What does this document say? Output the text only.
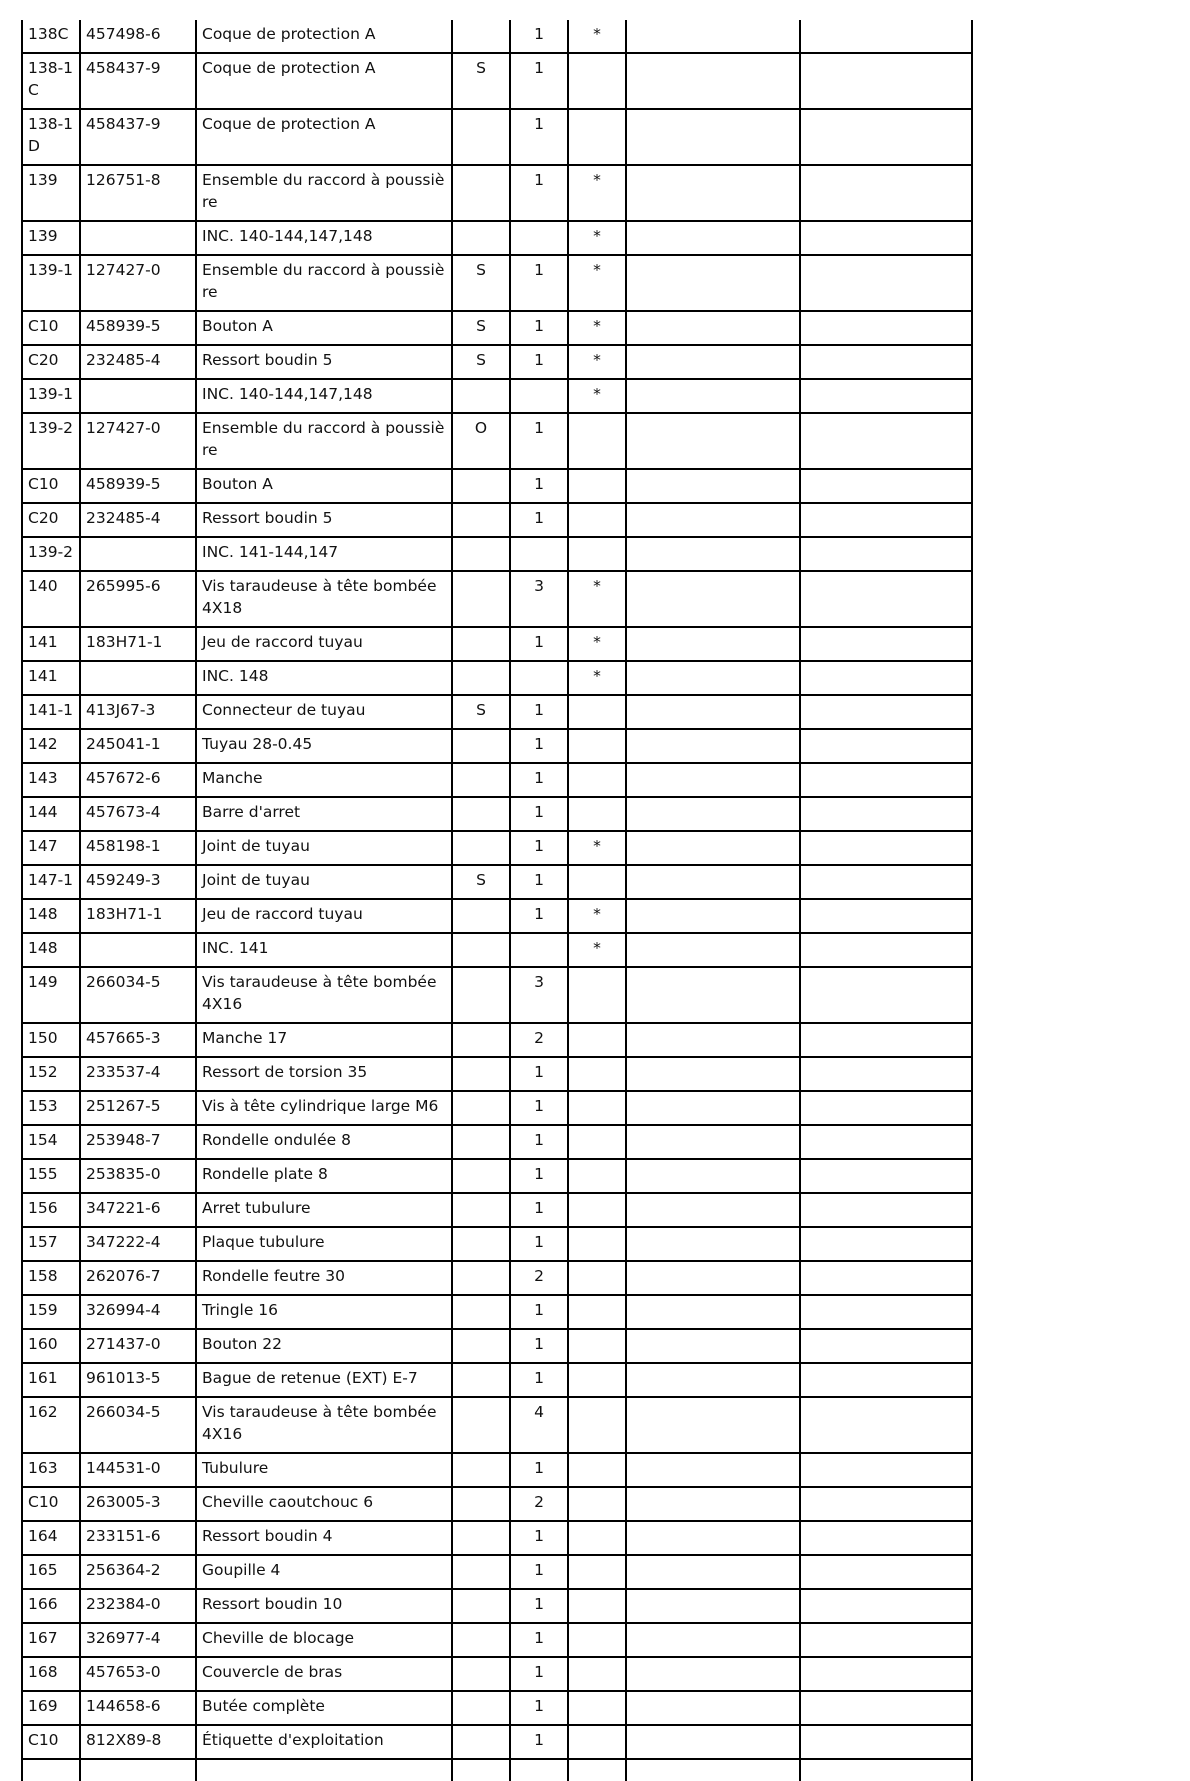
138C	457498-6	Coque de protection A		1	*		
138-1C	458437-9	Coque de protection A	S	1			
138-1D	458437-9	Coque de protection A		1			
139	126751-8	Ensemble du raccord à poussière		1	*		
139		INC. 140-144,147,148			*		
139-1	127427-0	Ensemble du raccord à poussière	S	1	*		
C10	458939-5	Bouton A	S	1	*		
C20	232485-4	Ressort boudin 5	S	1	*		
139-1		INC. 140-144,147,148			*		
139-2	127427-0	Ensemble du raccord à poussière	O	1			
C10	458939-5	Bouton A		1			
C20	232485-4	Ressort boudin 5		1			
139-2		INC. 141-144,147					
140	265995-6	Vis taraudeuse à tête bombée 4X18		3	*		
141	183H71-1	Jeu de raccord tuyau		1	*		
141		INC. 148			*		
141-1	413J67-3	Connecteur de tuyau	S	1			
142	245041-1	Tuyau 28-0.45		1			
143	457672-6	Manche		1			
144	457673-4	Barre d'arret		1			
147	458198-1	Joint de tuyau		1	*		
147-1	459249-3	Joint de tuyau	S	1			
148	183H71-1	Jeu de raccord tuyau		1	*		
148		INC. 141			*		
149	266034-5	Vis taraudeuse à tête bombée 4X16		3			
150	457665-3	Manche 17		2			
152	233537-4	Ressort de torsion 35		1			
153	251267-5	Vis à tête cylindrique large M6		1			
154	253948-7	Rondelle ondulée 8		1			
155	253835-0	Rondelle plate 8		1			
156	347221-6	Arret tubulure		1			
157	347222-4	Plaque tubulure		1			
158	262076-7	Rondelle feutre 30		2			
159	326994-4	Tringle 16		1			
160	271437-0	Bouton 22		1			
161	961013-5	Bague de retenue (EXT) E-7		1			
162	266034-5	Vis taraudeuse à tête bombée 4X16		4			
163	144531-0	Tubulure		1			
C10	263005-3	Cheville caoutchouc 6		2			
164	233151-6	Ressort boudin 4		1			
165	256364-2	Goupille 4		1			
166	232384-0	Ressort boudin 10		1			
167	326977-4	Cheville de blocage		1			
168	457653-0	Couvercle de bras		1			
169	144658-6	Butée complète		1			
C10	812X89-8	Étiquette d'exploitation		1			
